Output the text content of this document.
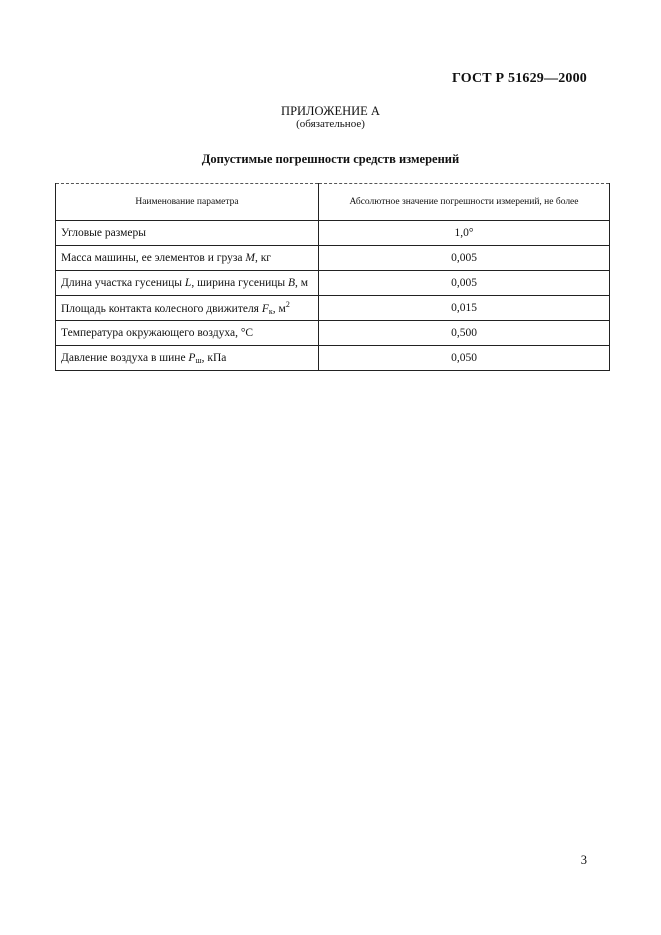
ГОСТ Р 51629—2000
ПРИЛОЖЕНИЕ А
(обязательное)
Допустимые погрешности средств измерений
Наименование параметра	Абсолютное значение погрешности измерений, не более
Угловые размеры	1,0°
Масса машины, ее элементов и груза M, кг	0,005
Длина участка гусеницы L, ширина гусеницы B, м	0,005
Площадь контакта колесного движителя $F_к$, $м^2$	0,015
Температура окружающего воздуха, °С	0,500
Давление воздуха в шине $P_ш$, кПа	0,050
3
